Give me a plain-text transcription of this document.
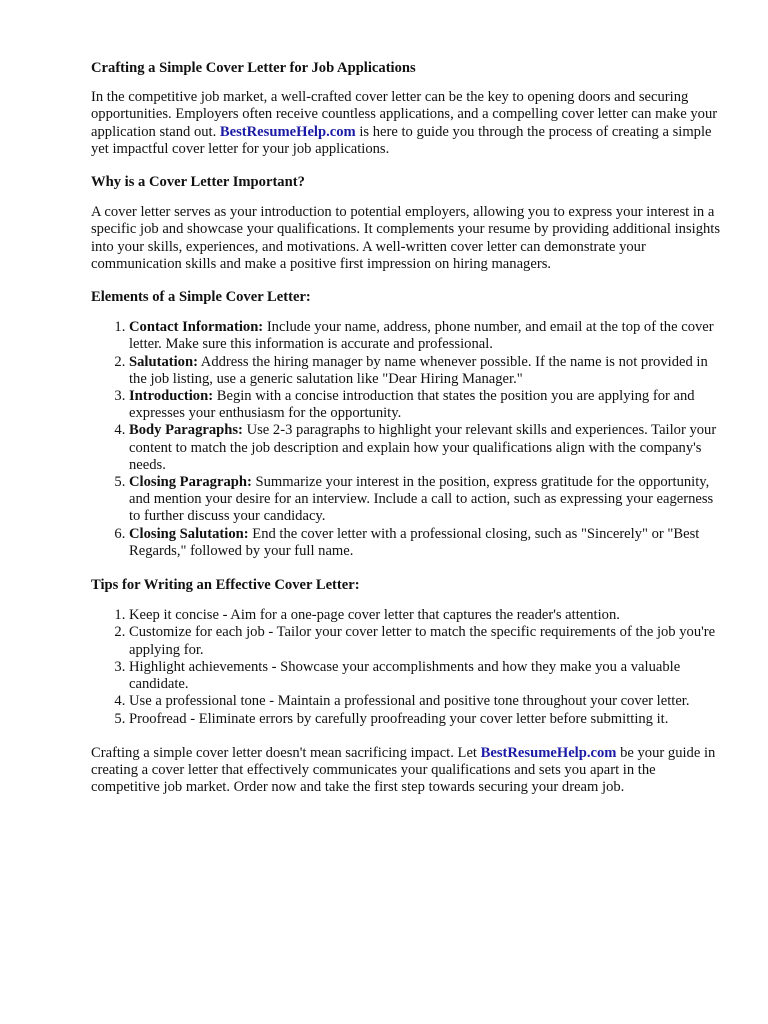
Crafting a Simple Cover Letter for Job Applications

In the competitive job market, a well-crafted cover letter can be the key to opening doors and securing opportunities. Employers often receive countless applications, and a compelling cover letter can make your application stand out. BestResumeHelp.com is here to guide you through the process of creating a simple yet impactful cover letter for your job applications.

Why is a Cover Letter Important?

A cover letter serves as your introduction to potential employers, allowing you to express your interest in a specific job and showcase your qualifications. It complements your resume by providing additional insights into your skills, experiences, and motivations. A well-written cover letter can demonstrate your communication skills and make a positive first impression on hiring managers.

Elements of a Simple Cover Letter:
1. Contact Information: Include your name, address, phone number, and email at the top of the cover letter. Make sure this information is accurate and professional.
2. Salutation: Address the hiring manager by name whenever possible. If the name is not provided in the job listing, use a generic salutation like "Dear Hiring Manager."
3. Introduction: Begin with a concise introduction that states the position you are applying for and expresses your enthusiasm for the opportunity.
4. Body Paragraphs: Use 2-3 paragraphs to highlight your relevant skills and experiences. Tailor your content to match the job description and explain how your qualifications align with the company's needs.
5. Closing Paragraph: Summarize your interest in the position, express gratitude for the opportunity, and mention your desire for an interview. Include a call to action, such as expressing your eagerness to further discuss your candidacy.
6. Closing Salutation: End the cover letter with a professional closing, such as "Sincerely" or "Best Regards," followed by your full name.
Tips for Writing an Effective Cover Letter:
1. Keep it concise - Aim for a one-page cover letter that captures the reader's attention.
2. Customize for each job - Tailor your cover letter to match the specific requirements of the job you're applying for.
3. Highlight achievements - Showcase your accomplishments and how they make you a valuable candidate.
4. Use a professional tone - Maintain a professional and positive tone throughout your cover letter.
5. Proofread - Eliminate errors by carefully proofreading your cover letter before submitting it.

Crafting a simple cover letter doesn't mean sacrificing impact. Let BestResumeHelp.com be your guide in creating a cover letter that effectively communicates your qualifications and sets you apart in the competitive job market. Order now and take the first step towards securing your dream job.
